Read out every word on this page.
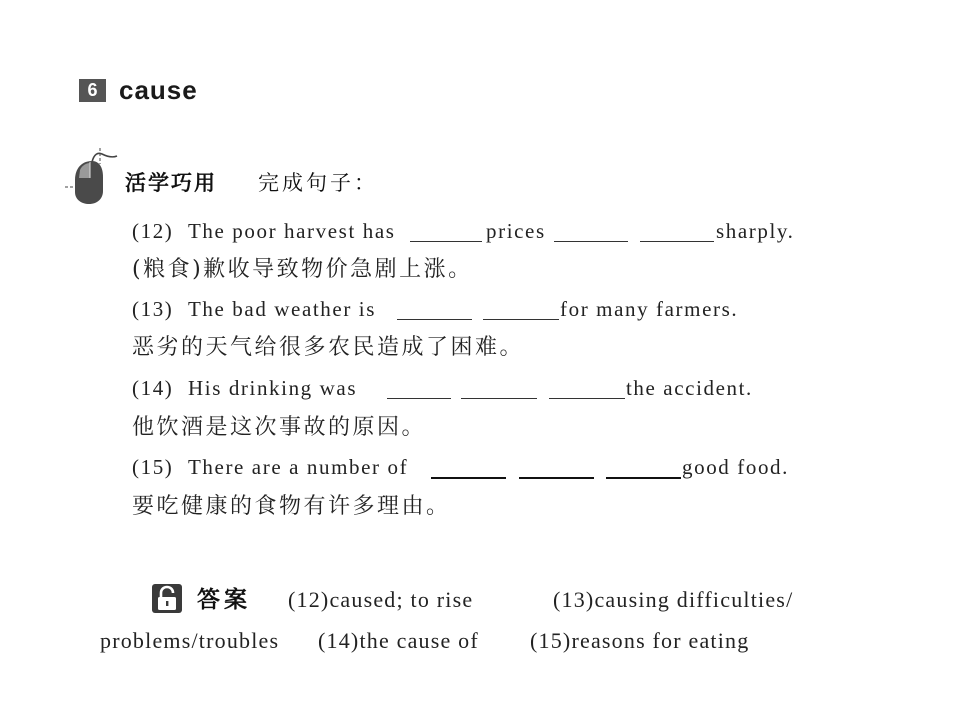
6 cause
活学巧用 完成句子：
(12) The poor harvest has	prices	sharply.
(粮食)歉收导致物价急剧上涨。
(13) The bad weather is	for many farmers.
恶劣的天气给很多农民造成了困难。
(14) His drinking was	the accident.
他饮酒是这次事故的原因。
(15) There are a number of	good food.
要吃健康的食物有许多理由。
答案 (12)caused; to rise	(13)causing difficulties/
problems/troubles (14)the cause of (15)reasons for eating
